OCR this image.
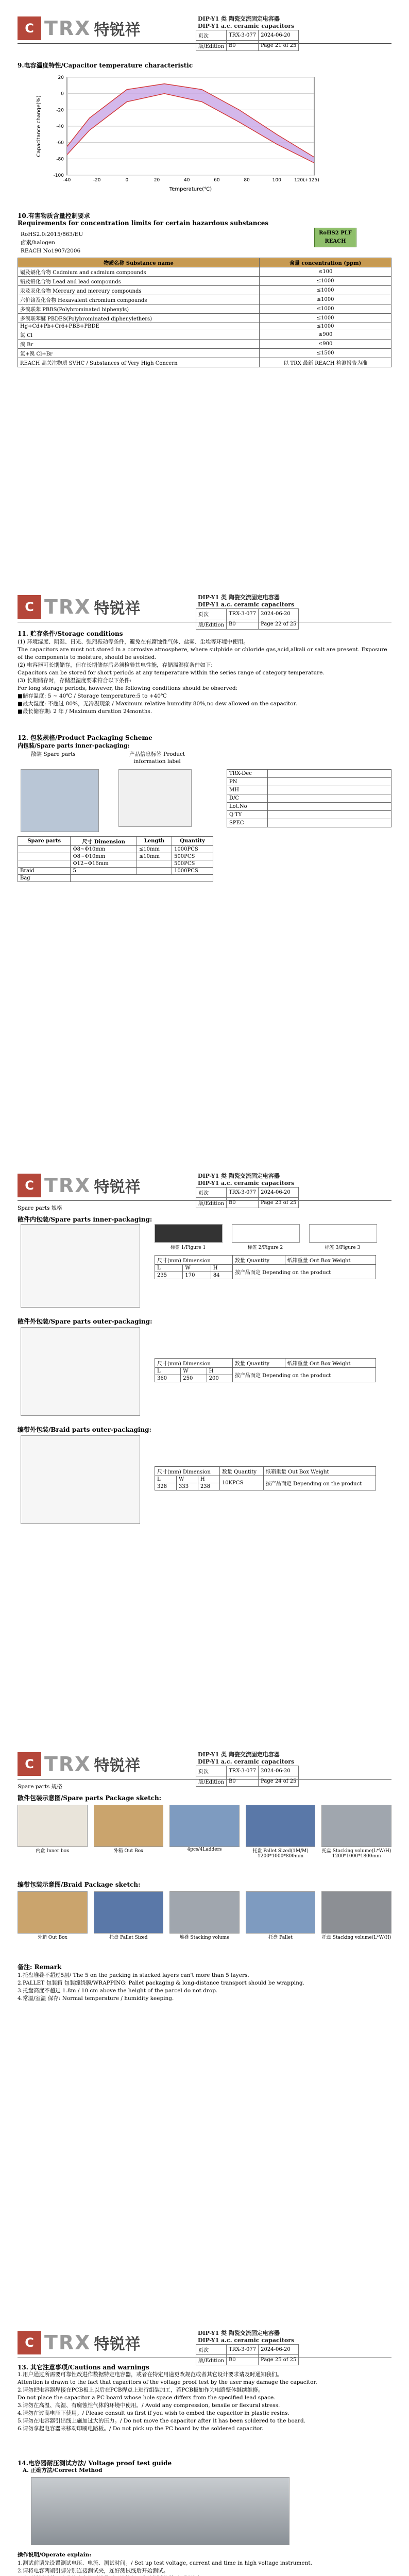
C TRX 特锐祥
DIP-Y1 类 陶瓷交流固定电容器
DIP-Y1 a.c. ceramic capacitors
页次	TRX-3-077	2024-06-20
版/Edition	B0	Page 21 of 25
9.电容温度特性/Capacitor temperature characteristic
20
0
-20
-40
-60
-80
-100
-40	-20	0	20	40	60	80	100	120(+125)
Temperature(℃)
Capacitance change(%)
10.有害物质含量控制要求
Requirements for concentration limits for certain hazardous substances
RoHS2.0:2015/863/EU
卤素/halogen
REACH No1907/2006
RoHS2 PLF REACH
物质名称 Substance name	含量 concentration (ppm)
镉及镉化合物 Cadmium and cadmium compounds	≤100
铅及铅化合物 Lead and lead compounds	≤1000
汞及汞化合物 Mercury and mercury compounds	≤1000
六价铬及化合物 Hexavalent chromium compounds	≤1000
多溴联苯 PBBS(Polybrominated biphenyls)	≤1000
多溴联苯醚 PBDES(Polybrominated diphenylethers)	≤1000
Hg+Cd+Pb+Cr6+PBB+PBDE	≤1000
氯 Cl	≤900
溴 Br	≤900
氯+溴 Cl+Br	≤1500
REACH 高关注物质 SVHC / Substances of Very High Concern	以 TRX 最新 REACH 检测报告为准
C TRX 特锐祥
DIP-Y1 类 陶瓷交流固定电容器
DIP-Y1 a.c. ceramic capacitors
页次	TRX-3-077	2024-06-20
版/Edition	B0	Page 22 of 25
11. 贮存条件/Storage conditions
(1) 环境湿度、阴湿、日光、强烈振动等条件，避免在有腐蚀性气体、盐雾、尘埃等环境中使用。
The capacitors are must not stored in a corrosive atmosphere, where sulphide or chloride gas,acid,alkali or salt are present. Exposure of the components to moisture, should be avoided.
(2) 电容器可长期储存，但在长期储存后必须检验其电性能，存储温湿度条件如下:
Capacitors can be stored for short periods at any temperature within the series range of category temperature.
(3) 长期储存时，存储温湿度要求符合以下条件:
For long storage periods, however, the following conditions should be observed:
■储存温度: 5 ~ 40℃ / Storage temperature:5 to +40℃
■最大湿度: 不超过 80%，无冷凝现象 / Maximum relative humidity 80%,no dew allowed on the capacitor.
■最长储存期: 2 年 / Maximum duration 24months.
12. 包装规格/Product Packaging Scheme
内包装/Spare parts inner-packaging:
散装 Spare parts	产品信息标签 Product information label
TRX-Dec	
PN	
MH	
D/C	
Lot.No	
Q'TY	
SPEC	
Spare parts	尺寸 Dimension	Length	Quantity
	Φ8~Φ10mm	≤10mm	1000PCS
	Φ8~Φ10mm	≤10mm	500PCS
	Φ12~Φ16mm		500PCS
Braid	5		1000PCS
Bag			
C TRX 特锐祥
DIP-Y1 类 陶瓷交流固定电容器
DIP-Y1 a.c. ceramic capacitors
页次	TRX-3-077	2024-06-20
版/Edition	B0	Page 23 of 25
Spare parts 规格
散件内包装/Spare parts inner-packaging:
标签 1/Figure 1	标签 2/Figure 2	标签 3/Figure 3
尺寸(mm) Dimension			数量 Quantity	纸箱重量 Out Box Weight
L	W	H	按产品而定 Depending on the product	
235	170	84		
散件外包装/Spare parts outer-packaging:
尺寸(mm) Dimension			数量 Quantity	纸箱重量 Out Box Weight
L	W	H	按产品而定 Depending on the product	
360	250	200		
编带外包装/Braid parts outer-packaging:
尺寸(mm) Dimension			数量 Quantity	纸箱重量 Out Box Weight
L	W	H	10KPCS	按产品而定 Depending on the product
328	333	238		
C TRX 特锐祥
DIP-Y1 类 陶瓷交流固定电容器
DIP-Y1 a.c. ceramic capacitors
页次	TRX-3-077	2024-06-20
版/Edition	B0	Page 24 of 25
Spare parts 规格
散件包装示意图/Spare parts Package sketch:
内盒 Inner box	外箱 Out Box	4pcs/4Ladders	托盘 Pallet Sized(1M/M) 1200*1000*800mm
托盘 Stacking volume(L*W/H) 1200*1000*1800mm
编带包装示意图/Braid Package sketch:
外箱 Out Box	托盘 Pallet Sized	堆叠 Stacking volume	托盘 Pallet	托盘 Stacking volume(L*W/H)
备注: Remark
1.托盘堆叠不超过5层/ The 5 on the packing in stacked layers can't more than 5 layers.
2.PALLET 包装箱 包装缠绕膜/WRAPPING: Pallet packaging & long-distance transport should be wrapping.
3.托盘高度不超过 1.8m / 10 cm above the height of the parcel do not drop.
4.常温/室温 保存: Normal temperature / humidity keeping.
C TRX 特锐祥
DIP-Y1 类 陶瓷交流固定电容器
DIP-Y1 a.c. ceramic capacitors
页次	TRX-3-077	2024-06-20
版/Edition	B0	Page 25 of 25
13. 其它注意事项/Cautions and warnings
1.用户通过所需要可靠性改进作数据特定电容器，或者在特定用途更改规范或者其它设计要求请及时通知我们。
Attention is drawn to the fact that capacitors of the voltage proof test by the user may damage the capacitor.
2.请勿把电容器焊接在PCB板上以后在PCB焊点上进行组装加工，若PCB板如作为电路整体继续维修。
Do not place the capacitor a PC board whose hole space differs from the specified lead space.
3.请勿在高温、高湿、有腐蚀性气体的环境中使用。/ Avoid any compression, tensile or flexural stress.
4.请勿在过高电压下使用。/ Please consult us first if you wish to embed the capacitor in plastic resins.
5.请勿在电容器引出线上施加过大的压力。/ Do not move the capacitor after it has been soldered to the board.
6.请勿拿起电容器来移动印刷电路板。/ Do not pick up the PC board by the soldered capacitor.
14.电容器耐压测试方法/ Voltage proof test guide
A. 正确方法/Correct Method
操作说明/Operate explain:
1.测试前请先设置测试电压、电流、测试时间。/ Set up test voltage, current and time in high voltage instrument.
2.请将电容两端引脚分别连接测试夹，连好测试线后开始测试。
